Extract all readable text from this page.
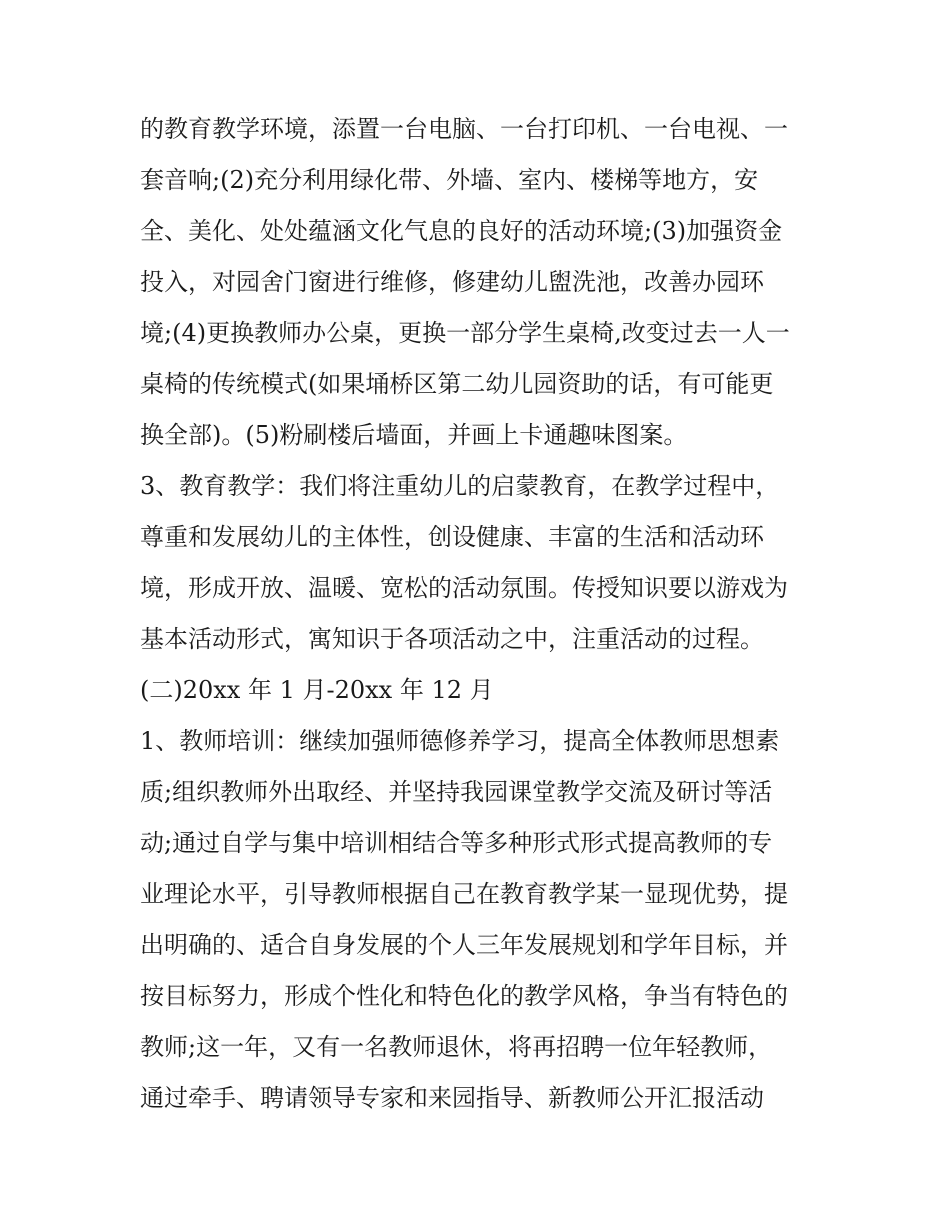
的教育教学环境，添置一台电脑、一台打印机、一台电视、一
套音响;(2)充分利用绿化带、外墙、室内、楼梯等地方，安
全、美化、处处蕴涵文化气息的良好的活动环境;(3)加强资金
投入，对园舍门窗进行维修，修建幼儿盥洗池，改善办园环
境;(4)更换教师办公桌，更换一部分学生桌椅,改变过去一人一
桌椅的传统模式(如果埇桥区第二幼儿园资助的话，有可能更
换全部)。(5)粉刷楼后墙面，并画上卡通趣味图案。
3、教育教学：我们将注重幼儿的启蒙教育，在教学过程中，
尊重和发展幼儿的主体性，创设健康、丰富的生活和活动环
境，形成开放、温暖、宽松的活动氛围。传授知识要以游戏为
基本活动形式，寓知识于各项活动之中，注重活动的过程。
(二)20xx 年 1 月-20xx 年 12 月
1、教师培训：继续加强师德修养学习，提高全体教师思想素
质;组织教师外出取经、并坚持我园课堂教学交流及研讨等活
动;通过自学与集中培训相结合等多种形式形式提高教师的专
业理论水平，引导教师根据自己在教育教学某一显现优势，提
出明确的、适合自身发展的个人三年发展规划和学年目标，并
按目标努力，形成个性化和特色化的教学风格，争当有特色的
教师;这一年，又有一名教师退休，将再招聘一位年轻教师，
通过牵手、聘请领导专家和来园指导、新教师公开汇报活动
